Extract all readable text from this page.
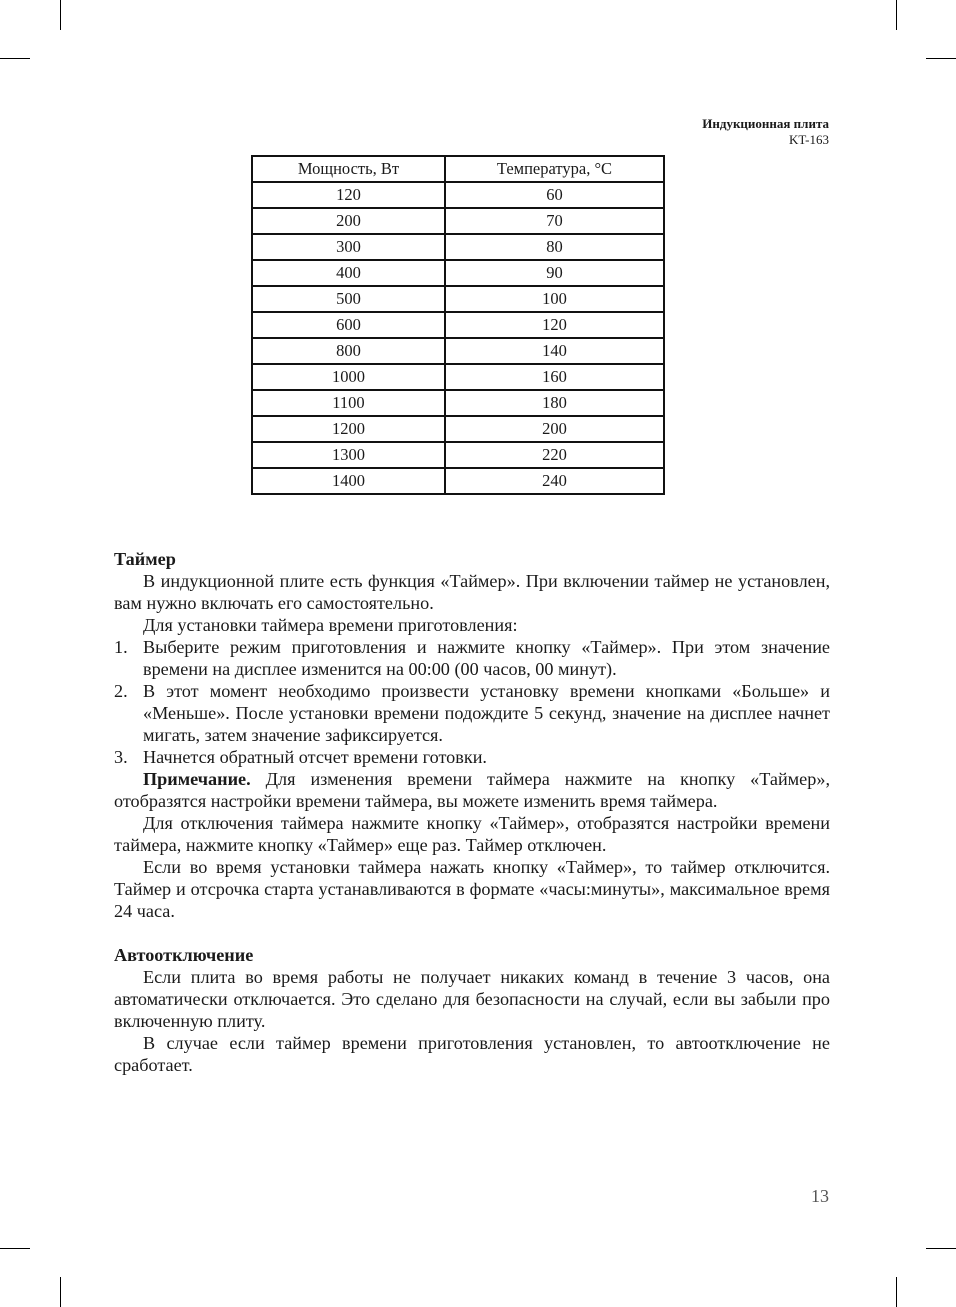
Индукционная плита
KT-163
Мощность, Вт	Температура, °C
120	60
200	70
300	80
400	90
500	100
600	120
800	140
1000	160
1100	180
1200	200
1300	220
1400	240

Таймер

В индукционной плите есть функция «Таймер». При включении таймер не установлен, вам нужно включать его самостоятельно.

Для установки таймера времени приготовления:

1. Выберите режим приготовления и нажмите кнопку «Таймер». При этом значение времени на дисплее изменится на 00:00 (00 часов, 00 минут).
2. В этот момент необходимо произвести установку времени кнопками «Больше» и «Меньше». После установки времени подождите 5 секунд, значение на дисплее начнет мигать, затем значение зафиксируется.
3. Начнется обратный отсчет времени готовки.

Примечание. Для изменения времени таймера нажмите на кнопку «Таймер», отобразятся настройки времени таймера, вы можете изменить время таймера.

Для отключения таймера нажмите кнопку «Таймер», отобразятся настройки времени таймера, нажмите кнопку «Таймер» еще раз. Таймер отключен.

Если во время установки таймера нажать кнопку «Таймер», то таймер отключится. Таймер и отсрочка старта устанавливаются в формате «часы:минуты», максимальное время 24 часа.

Автоотключение

Если плита во время работы не получает никаких команд в течение 3 часов, она автоматически отключается. Это сделано для безопасности на случай, если вы забыли про включенную плиту.

В случае если таймер времени приготовления установлен, то автоотключение не сработает.

13
